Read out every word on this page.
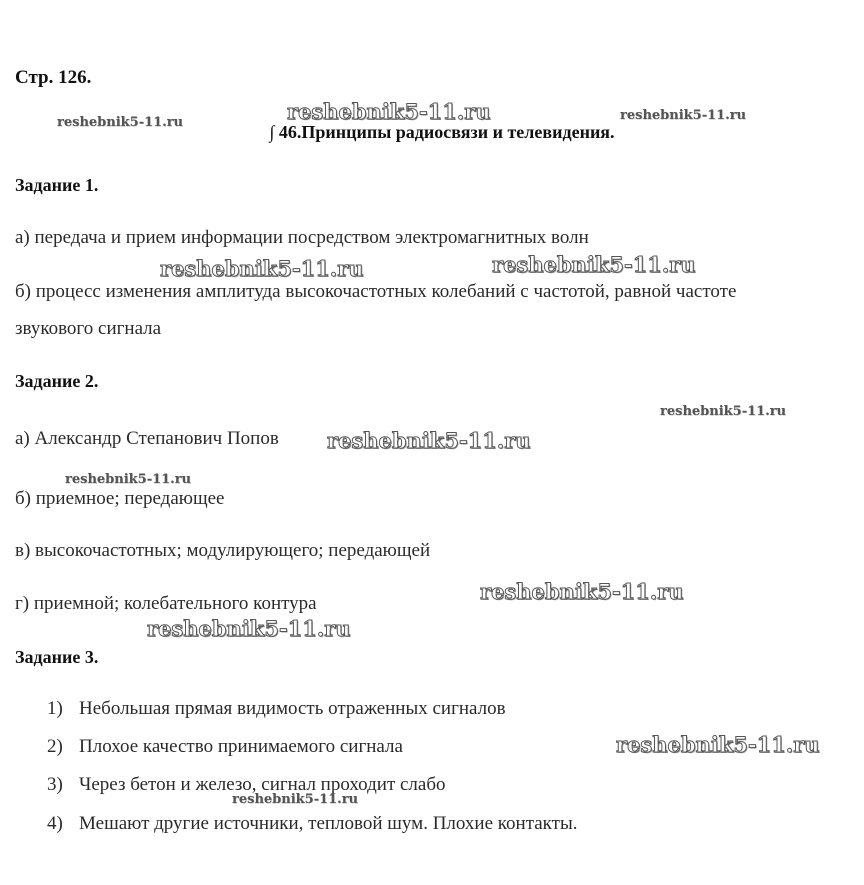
Стр. 126.

∫ 46.Принципы радиосвязи и телевидения.

Задание 1.

а) передача и прием информации посредством электромагнитных волн

б) процесс изменения амплитуда высокочастотных колебаний с частотой, равной частоте

звукового сигнала

Задание 2.

а) Александр Степанович Попов

б) приемное; передающее

в) высокочастотных; модулирующего; передающей

г) приемной; колебательного контура

Задание 3.

1) Небольшая прямая видимость отраженных сигналов
2) Плохое качество принимаемого сигнала
3) Через бетон и железо, сигнал проходит слабо
4) Мешают другие источники, тепловой шум. Плохие контакты.
reshebnik5-11.ru
reshebnik5-11.ru	reshebnik5-11.ru
reshebnik5-11.ru	reshebnik5-11.ru
reshebnik5-11.ru
reshebnik5-11.ru
reshebnik5-11.ru
reshebnik5-11.ru
reshebnik5-11.ru
reshebnik5-11.ru
reshebnik5-11.ru
